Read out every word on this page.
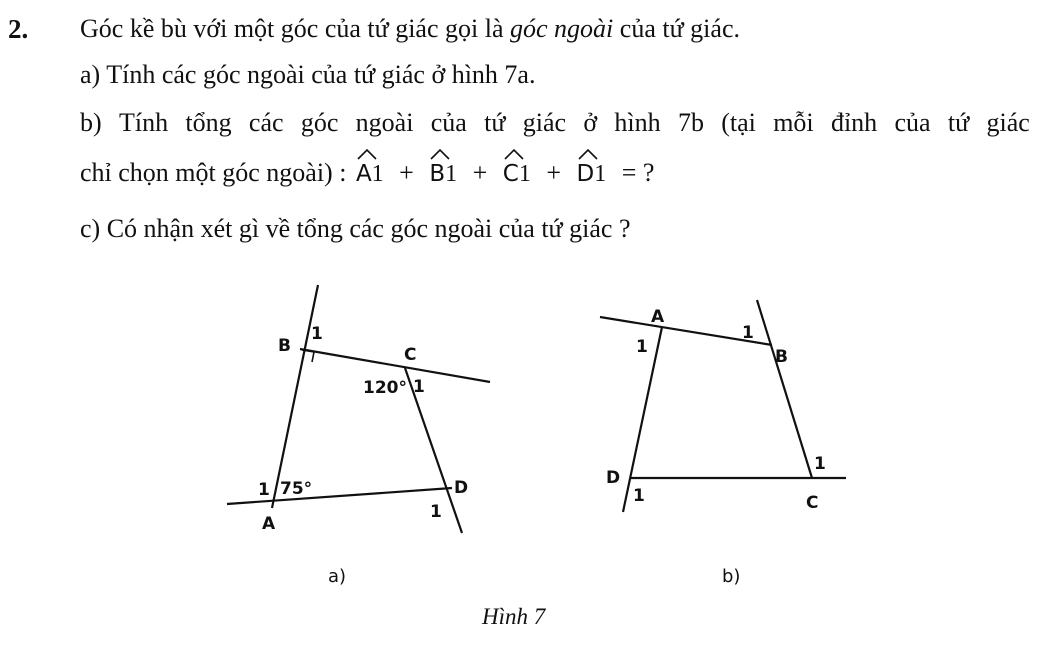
2. Góc kề bù với một góc của tứ giác gọi là góc ngoài của tứ giác.
a) Tính các góc ngoài của tứ giác ở hình 7a.
b) Tính tổng các góc ngoài của tứ giác ở hình 7b (tại mỗi đỉnh của tứ giác
chỉ chọn một góc ngoài) : A1 + B1 + C1 + D1 = ?
c) Có nhận xét gì về tổng các góc ngoài của tứ giác ?
B
1
C
120° 1
1 75°
A
D
1
a)
A
1
1
B
1
C
D
1
b)
Hình 7
